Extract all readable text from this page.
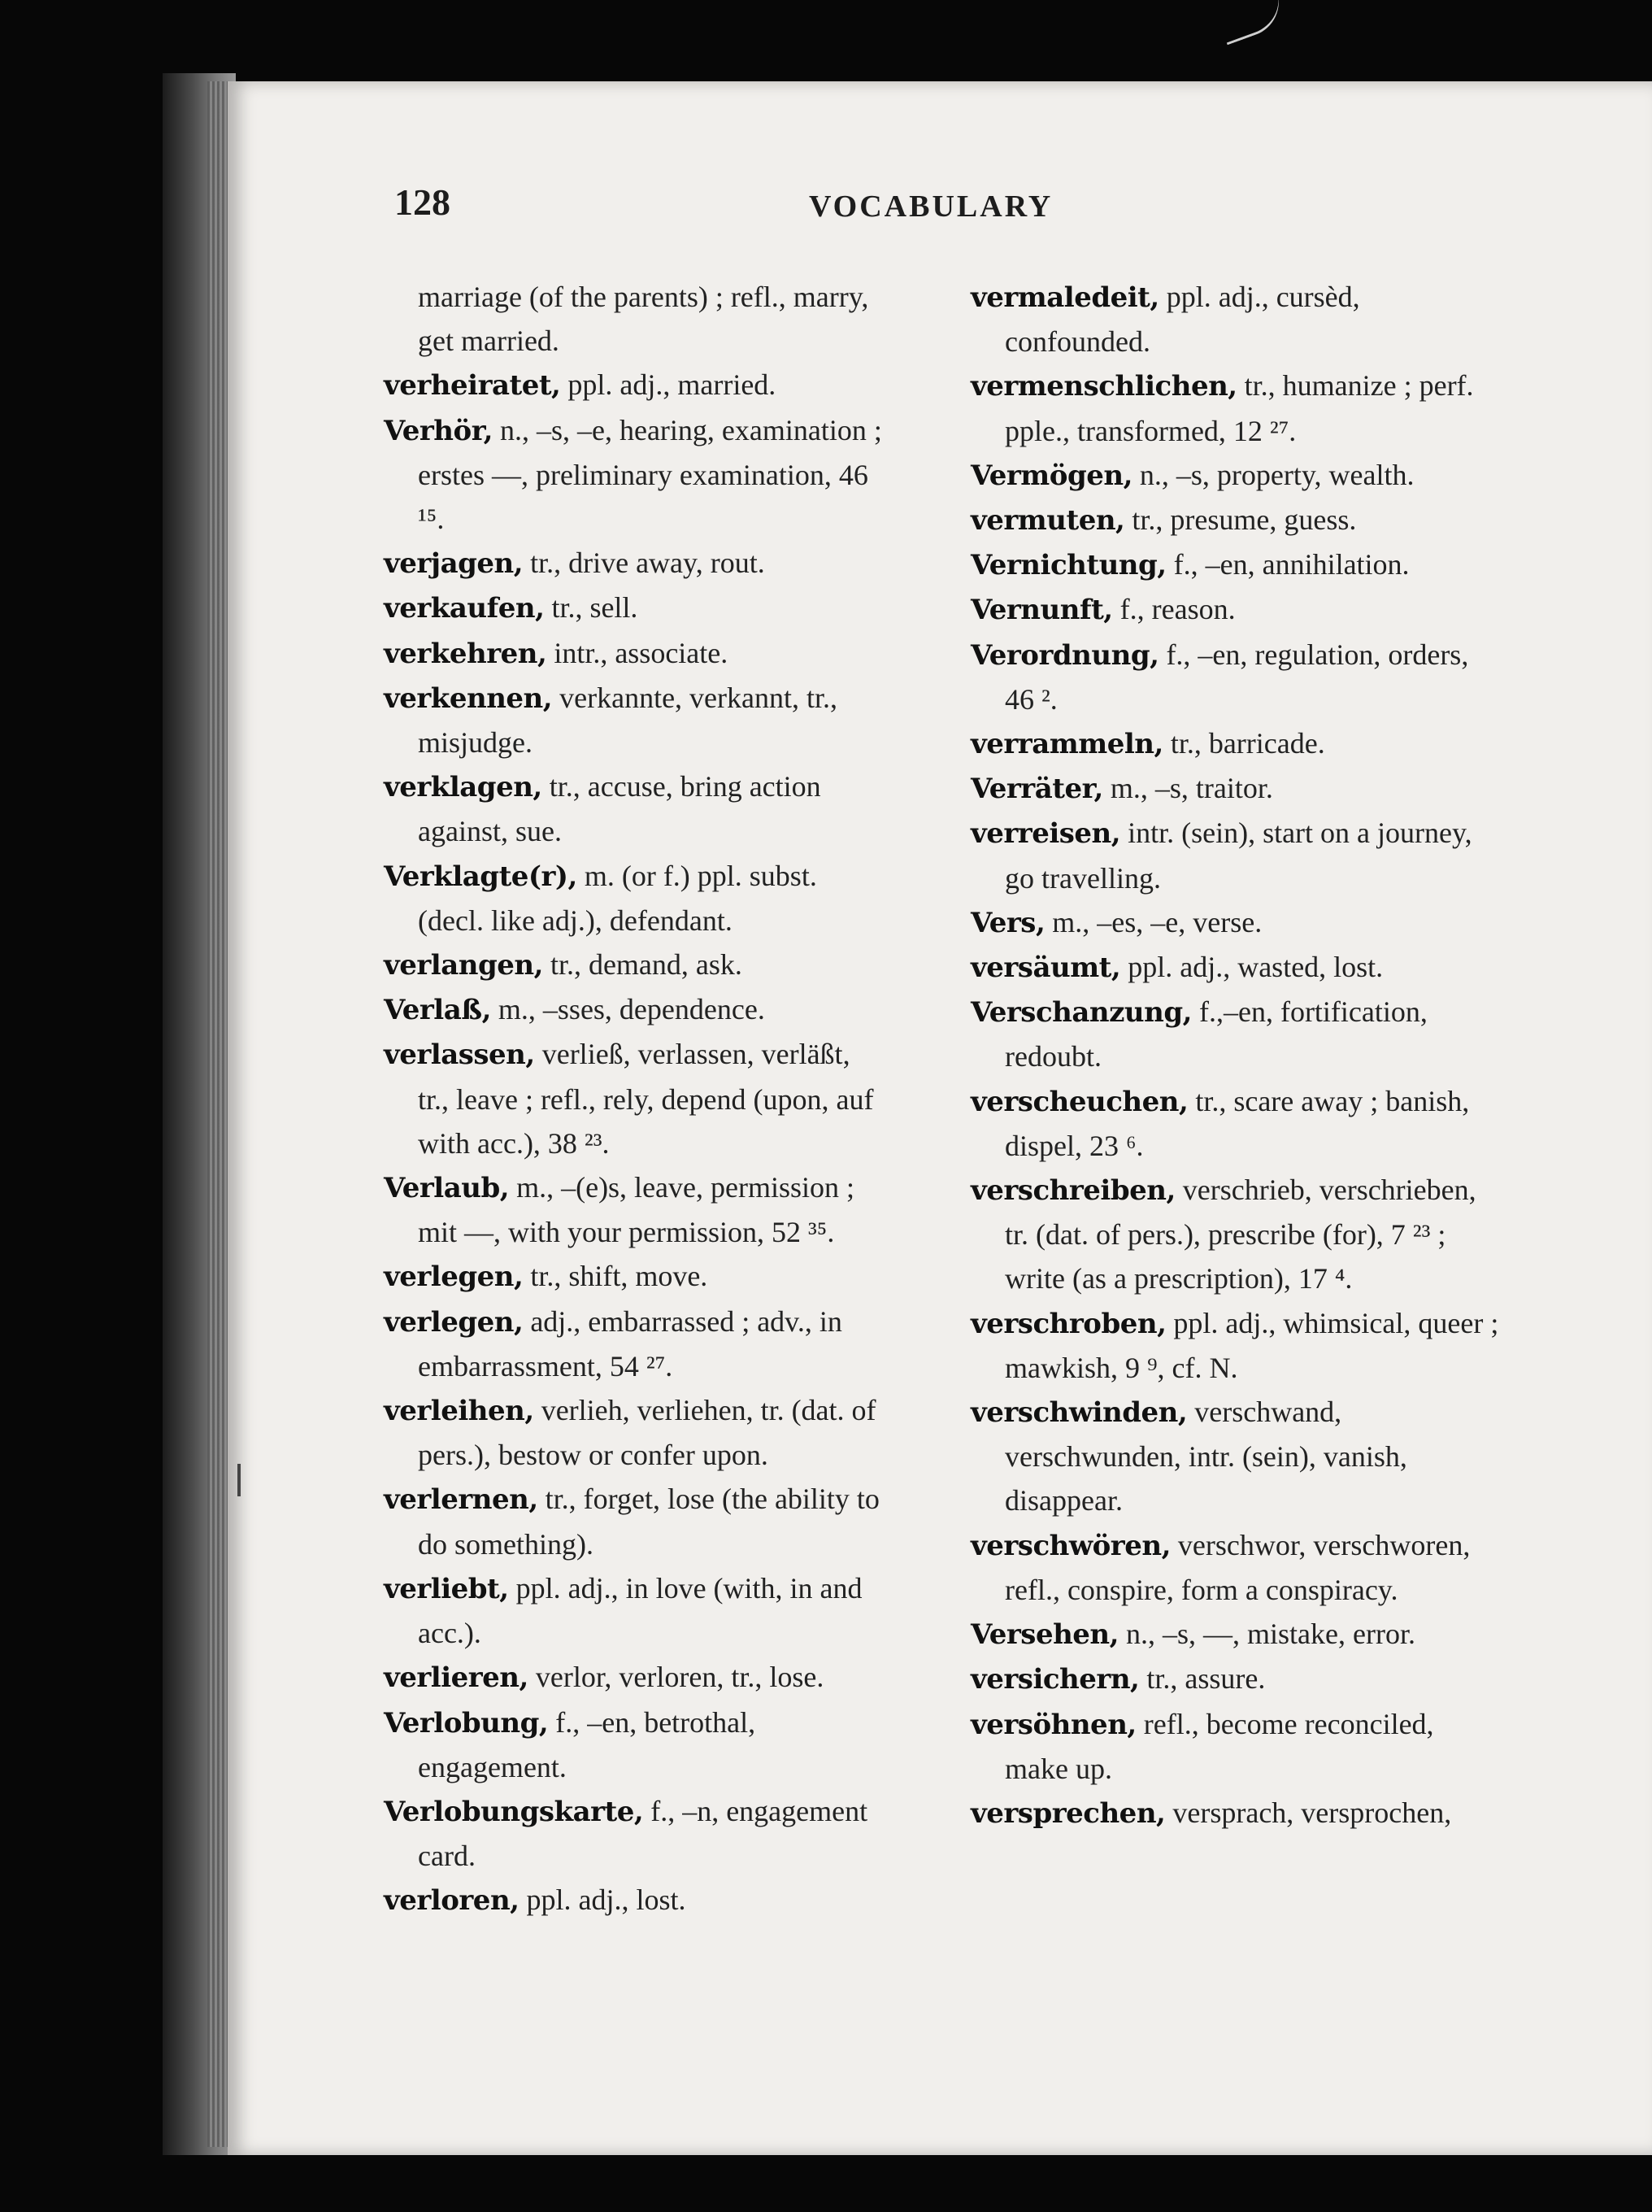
128	VOCABULARY

marriage (of the parents) ; refl., marry, get married.

verheiratet, ppl. adj., married.

Verhör, n., –s, –e, hearing, examination ; erstes —, preliminary examination, 46 ¹⁵.

verjagen, tr., drive away, rout.

verkaufen, tr., sell.

verkehren, intr., associate.

verkennen, verkannte, verkannt, tr., misjudge.

verklagen, tr., accuse, bring action against, sue.

Verklagte(r), m. (or f.) ppl. subst. (decl. like adj.), defendant.

verlangen, tr., demand, ask.

Verlaß, m., –sses, dependence.

verlassen, verließ, verlassen, verläßt, tr., leave ; refl., rely, depend (upon, auf with acc.), 38 ²³.

Verlaub, m., –(e)s, leave, permission ; mit —, with your permission, 52 ³⁵.

verlegen, tr., shift, move.

verlegen, adj., embarrassed ; adv., in embarrassment, 54 ²⁷.

verleihen, verlieh, verliehen, tr. (dat. of pers.), bestow or confer upon.

verlernen, tr., forget, lose (the ability to do something).

verliebt, ppl. adj., in love (with, in and acc.).

verlieren, verlor, verloren, tr., lose.

Verlobung, f., –en, betrothal, engagement.

Verlobungskarte, f., –n, engagement card.

verloren, ppl. adj., lost.

vermaledeit, ppl. adj., cursèd, confounded.

vermenschlichen, tr., humanize ; perf. pple., transformed, 12 ²⁷.

Vermögen, n., –s, property, wealth.

vermuten, tr., presume, guess.

Vernichtung, f., –en, annihilation.

Vernunft, f., reason.

Verordnung, f., –en, regulation, orders, 46 ².

verrammeln, tr., barricade.

Verräter, m., –s, traitor.

verreisen, intr. (sein), start on a journey, go travelling.

Vers, m., –es, –e, verse.

versäumt, ppl. adj., wasted, lost.

Verschanzung, f.,–en, fortification, redoubt.

verscheuchen, tr., scare away ; banish, dispel, 23 ⁶.

verschreiben, verschrieb, verschrieben, tr. (dat. of pers.), prescribe (for), 7 ²³ ; write (as a prescription), 17 ⁴.

verschroben, ppl. adj., whimsical, queer ; mawkish, 9 ⁹, cf. N.

verschwinden, verschwand, verschwunden, intr. (sein), vanish, disappear.

verschwören, verschwor, verschworen, refl., conspire, form a conspiracy.

Versehen, n., –s, —, mistake, error.

versichern, tr., assure.

versöhnen, refl., become reconciled, make up.

versprechen, versprach, versprochen,
